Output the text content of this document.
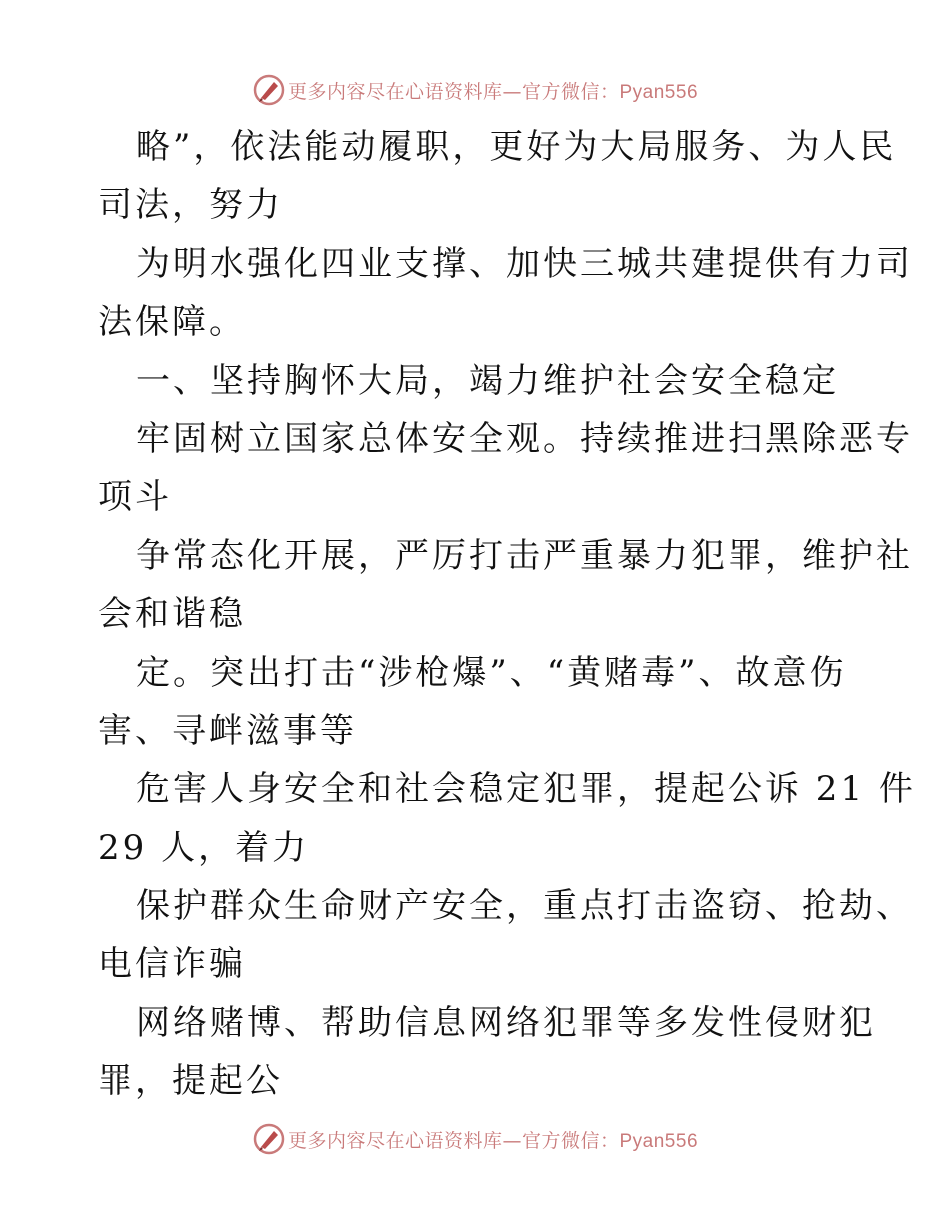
更多内容尽在心语资料库—官方微信：Pyan556
略”，依法能动履职，更好为大局服务、为人民
司法，努力
为明水强化四业支撑、加快三城共建提供有力司
法保障。
一、坚持胸怀大局，竭力维护社会安全稳定
牢固树立国家总体安全观。持续推进扫黑除恶专
项斗
争常态化开展，严厉打击严重暴力犯罪，维护社
会和谐稳
定。突出打击“涉枪爆”、“黄赌毒”、故意伤
害、寻衅滋事等
危害人身安全和社会稳定犯罪，提起公诉 21 件
29 人，着力
保护群众生命财产安全，重点打击盗窃、抢劫、
电信诈骗
网络赌博、帮助信息网络犯罪等多发性侵财犯
罪，提起公
更多内容尽在心语资料库—官方微信：Pyan556
